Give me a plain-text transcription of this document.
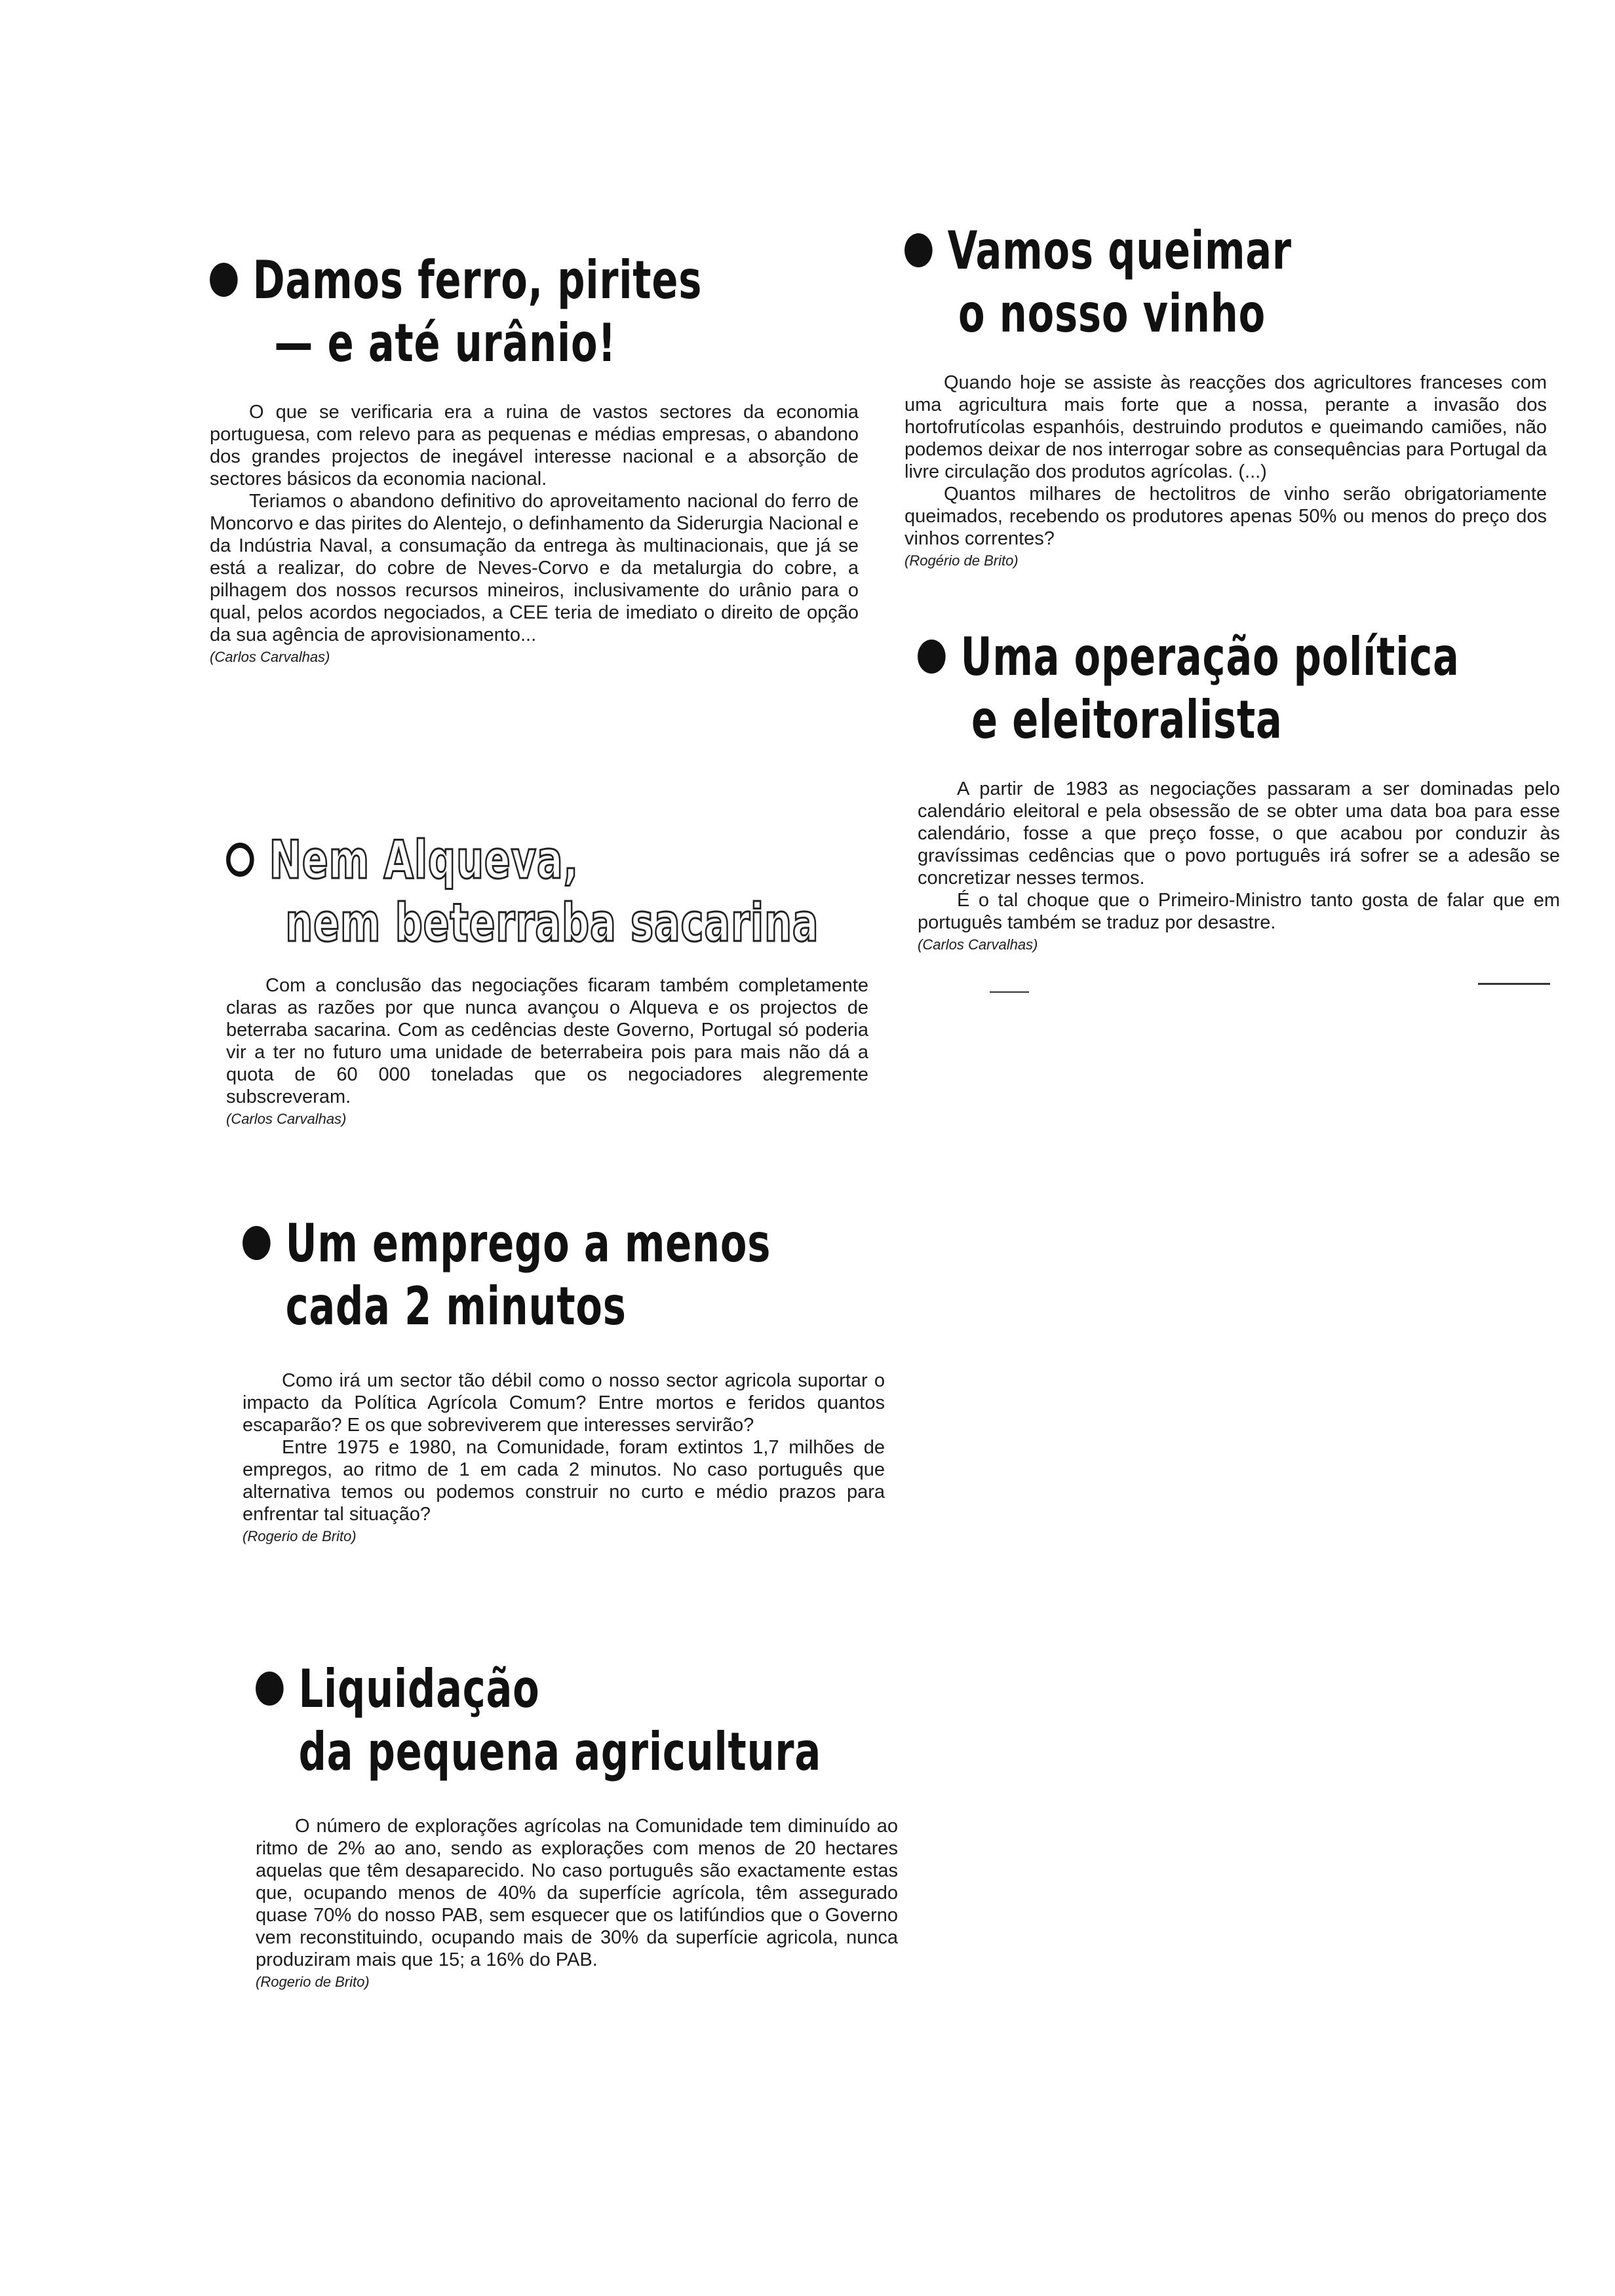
Damos ferro, pirites
— e até urânio!

O que se verificaria era a ruina de vastos sectores da economia portuguesa, com relevo para as pequenas e médias empresas, o abandono dos grandes projectos de inegável interesse nacional e a absorção de sectores básicos da economia nacional.

Teriamos o abandono definitivo do aproveitamento nacional do ferro de Moncorvo e das pirites do Alentejo, o definhamento da Siderurgia Nacional e da Indústria Naval, a consumação da entrega às multinacionais, que já se está a realizar, do cobre de Neves-Corvo e da metalurgia do cobre, a pilhagem dos nossos recursos mineiros, inclusivamente do urânio para o qual, pelos acordos negociados, a CEE teria de imediato o direito de opção da sua agência de aprovisionamento...

(Carlos Carvalhas)
Nem Alqueva,
nem beterraba sacarina

Com a conclusão das negociações ficaram também completamente claras as razões por que nunca avançou o Alqueva e os projectos de beterraba sacarina. Com as cedências deste Governo, Portugal só poderia vir a ter no futuro uma unidade de beterrabeira pois para mais não dá a quota de 60 000 toneladas que os negociadores alegremente subscreveram.

(Carlos Carvalhas)
Um emprego a menos
cada 2 minutos

Como irá um sector tão débil como o nosso sector agricola suportar o impacto da Política Agrícola Comum? Entre mortos e feridos quantos escaparão? E os que sobreviverem que interesses servirão?

Entre 1975 e 1980, na Comunidade, foram extintos 1,7 milhões de empregos, ao ritmo de 1 em cada 2 minutos. No caso português que alternativa temos ou podemos construir no curto e médio prazos para enfrentar tal situação?

(Rogerio de Brito)
Liquidação
da pequena agricultura

O número de explorações agrícolas na Comunidade tem diminuído ao ritmo de 2% ao ano, sendo as explorações com menos de 20 hectares aquelas que têm desaparecido. No caso português são exactamente estas que, ocupando menos de 40% da superfície agrícola, têm assegurado quase 70% do nosso PAB, sem esquecer que os latifúndios que o Governo vem reconstituindo, ocupando mais de 30% da superfície agricola, nunca produziram mais que 15; a 16% do PAB.

(Rogerio de Brito)
Vamos queimar
o nosso vinho

Quando hoje se assiste às reacções dos agricultores franceses com uma agricultura mais forte que a nossa, perante a invasão dos hortofrutícolas espanhóis, destruindo produtos e queimando camiões, não podemos deixar de nos interrogar sobre as consequências para Portugal da livre circulação dos produtos agrícolas. (...)

Quantos milhares de hectolitros de vinho serão obrigatoriamente queimados, recebendo os produtores apenas 50% ou menos do preço dos vinhos correntes?

(Rogério de Brito)
Uma operação política
e eleitoralista

A partir de 1983 as negociações passaram a ser dominadas pelo calendário eleitoral e pela obsessão de se obter uma data boa para esse calendário, fosse a que preço fosse, o que acabou por conduzir às gravíssimas cedências que o povo português irá sofrer se a adesão se concretizar nesses termos.

É o tal choque que o Primeiro-Ministro tanto gosta de falar que em português também se traduz por desastre.

(Carlos Carvalhas)
